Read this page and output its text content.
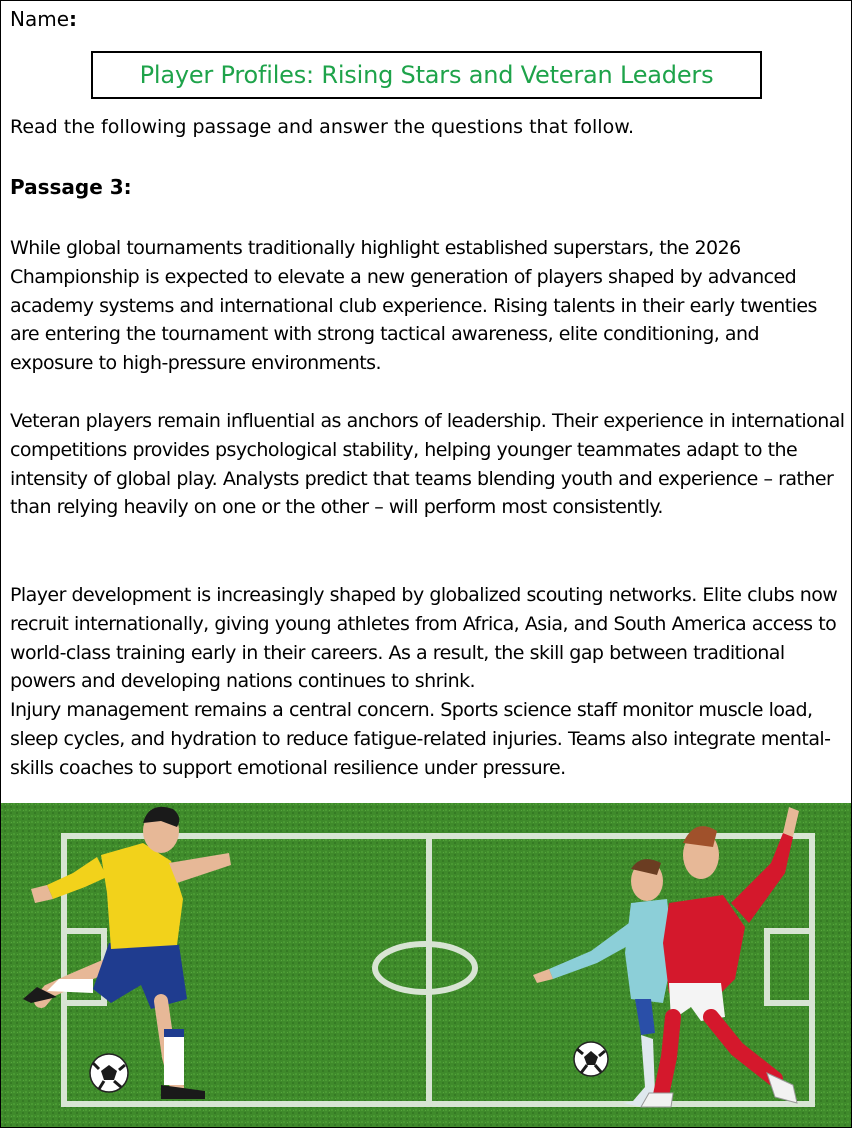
Name:
Player Profiles: Rising Stars and Veteran Leaders
Read the following passage and answer the questions that follow.
Passage 3:

While global tournaments traditionally highlight established superstars, the 2026 Championship is expected to elevate a new generation of players shaped by advanced academy systems and international club experience. Rising talents in their early twenties are entering the tournament with strong tactical awareness, elite conditioning, and exposure to high-pressure environments.

Veteran players remain influential as anchors of leadership. Their experience in international competitions provides psychological stability, helping younger teammates adapt to the intensity of global play. Analysts predict that teams blending youth and experience – rather than relying heavily on one or the other – will perform most consistently.

Player development is increasingly shaped by globalized scouting networks. Elite clubs now recruit internationally, giving young athletes from Africa, Asia, and South America access to world-class training early in their careers. As a result, the skill gap between traditional powers and developing nations continues to shrink.

Injury management remains a central concern. Sports science staff monitor muscle load, sleep cycles, and hydration to reduce fatigue-related injuries. Teams also integrate mental-skills coaches to support emotional resilience under pressure.
